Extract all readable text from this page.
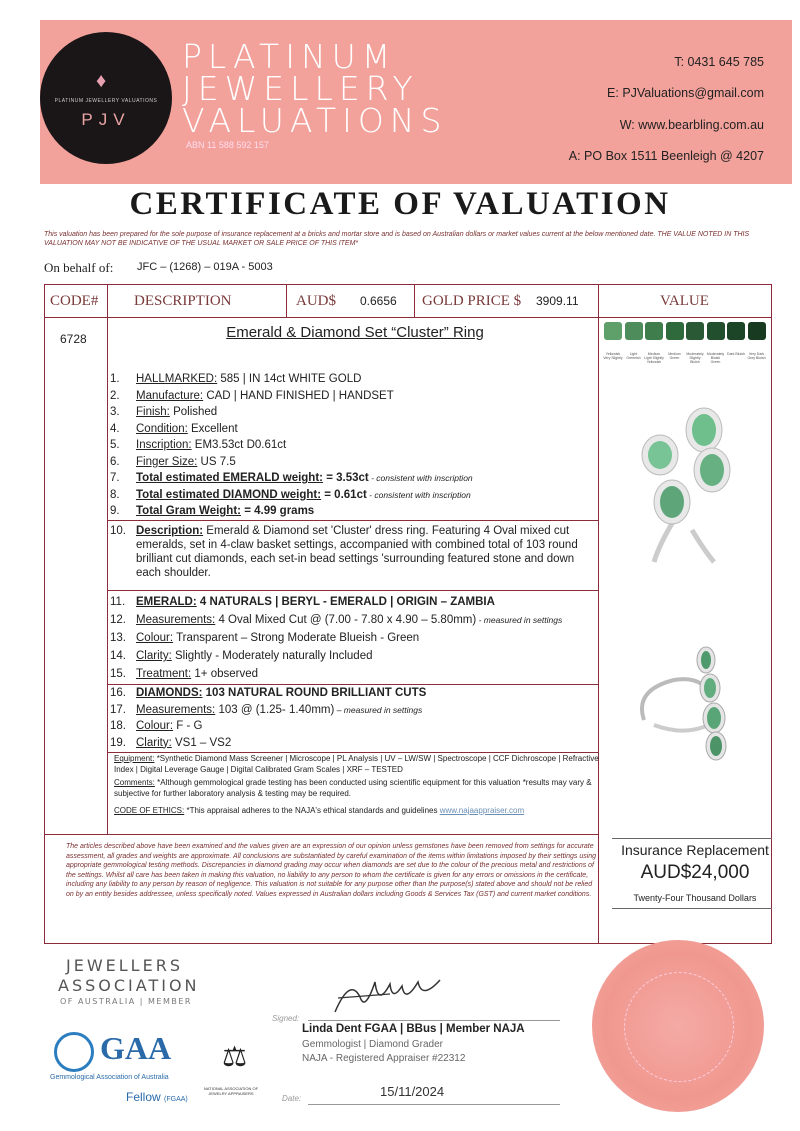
♦
PLATINUM JEWELLERY VALUATIONS
PJV
PLATINUM
JEWELLERY
VALUATIONS
ABN 11 588 592 157
T: 0431 645 785
E: PJValuations@gmail.com
W: www.bearbling.com.au
A: PO Box 1511 Beenleigh @ 4207
CERTIFICATE OF VALUATION
This valuation has been prepared for the sole purpose of insurance replacement at a bricks and mortar store and is based on Australian dollars or market values current at the below mentioned date. THE VALUE NOTED IN THIS VALUATION MAY NOT BE INDICATIVE OF THE USUAL MARKET OR SALE PRICE OF THIS ITEM*
On behalf of: JFC – (1268) – 019A - 5003
CODE# DESCRIPTION	AUD$ 0.6656 GOLD PRICE $ 3909.11	VALUE
6728	Emerald & Diamond Set “Cluster” Ring
1.	HALLMARKED: 585 | IN 14ct WHITE GOLD
2.	Manufacture: CAD | HAND FINISHED | HANDSET
3.	Finish: Polished
4.	Condition: Excellent
5.	Inscription: EM3.53ct D0.61ct
6.	Finger Size: US 7.5
7.	Total estimated EMERALD weight: = 3.53ct - consistent with inscription
8.	Total estimated DIAMOND weight: = 0.61ct - consistent with inscription
9.	Total Gram Weight: = 4.99 grams
10. Description: Emerald & Diamond set 'Cluster' dress ring. Featuring 4 Oval mixed cut emeralds, set in 4-claw basket settings, accompanied with combined total of 103 round brilliant cut diamonds, each set-in bead settings 'surrounding featured stone and down each shoulder.
11. EMERALD: 4 NATURALS | BERYL - EMERALD | ORIGIN – ZAMBIA
12. Measurements: 4 Oval Mixed Cut @ (7.00 - 7.80 x 4.90 – 5.80mm) - measured in settings
13. Colour: Transparent – Strong Moderate Blueish - Green
14. Clarity: Slightly - Moderately naturally Included
15. Treatment: 1+ observed
16. DIAMONDS: 103 NATURAL ROUND BRILLIANT CUTS
17. Measurements: 103 @ (1.25- 1.40mm) – measured in settings
18. Colour: F - G
19. Clarity: VS1 – VS2
Equipment: *Synthetic Diamond Mass Screener | Microscope | PL Analysis | UV – LW/SW | Spectroscope | CCF Dichroscope | Refractive Index | Digital Leverage Gauge | Digital Calibrated Gram Scales | XRF – TESTED
Comments: *Although gemmological grade testing has been conducted using scientific equipment for this valuation *results may vary & subjective for further laboratory analysis & testing may be required.
CODE OF ETHICS: *This appraisal adheres to the NAJA's ethical standards and guidelines www.najaappraiser.com
Yellowish Very Slightly
Light Greenish
Medium Light Slightly Yellowish
Medium Green
Moderately Slightly Bluish
Moderately Bluish Green
Dark Bluish	Very Dark Grey Bluish
The articles described above have been examined and the values given are an expression of our opinion unless gemstones have been removed from settings for accurate assessment, all grades and weights are approximate. All conclusions are substantiated by careful examination of the items within limitations imposed by their settings using appropriate gemmological testing methods. Discrepancies in diamond grading may occur when diamonds are set due to the colour of the precious metal and restrictions of the settings. Whilst all care has been taken in making this valuation, no liability to any person to whom the certificate is given for any errors or omissions in the certificate, including any liability to any person by reason of negligence. This valuation is not suitable for any purpose other than the purpose(s) stated above and should not be relied on by an entity besides addressee, unless specifically noted. Values expressed in Australian dollars including Goods & Services Tax (GST) and current market conditions.
Insurance Replacement
AUD$24,000
Twenty-Four Thousand Dollars
JEWELLERS
ASSOCIATION
OF AUSTRALIA | MEMBER
GAA
Gemmological Association of Australia
Fellow (FGAA)
⚖
NATIONAL ASSOCIATION OF JEWELRY APPRAISERS
Signed:
Linda Dent FGAA | BBus | Member NAJA
Gemmologist | Diamond Grader
NAJA - Registered Appraiser #22312
Date:	15/11/2024
